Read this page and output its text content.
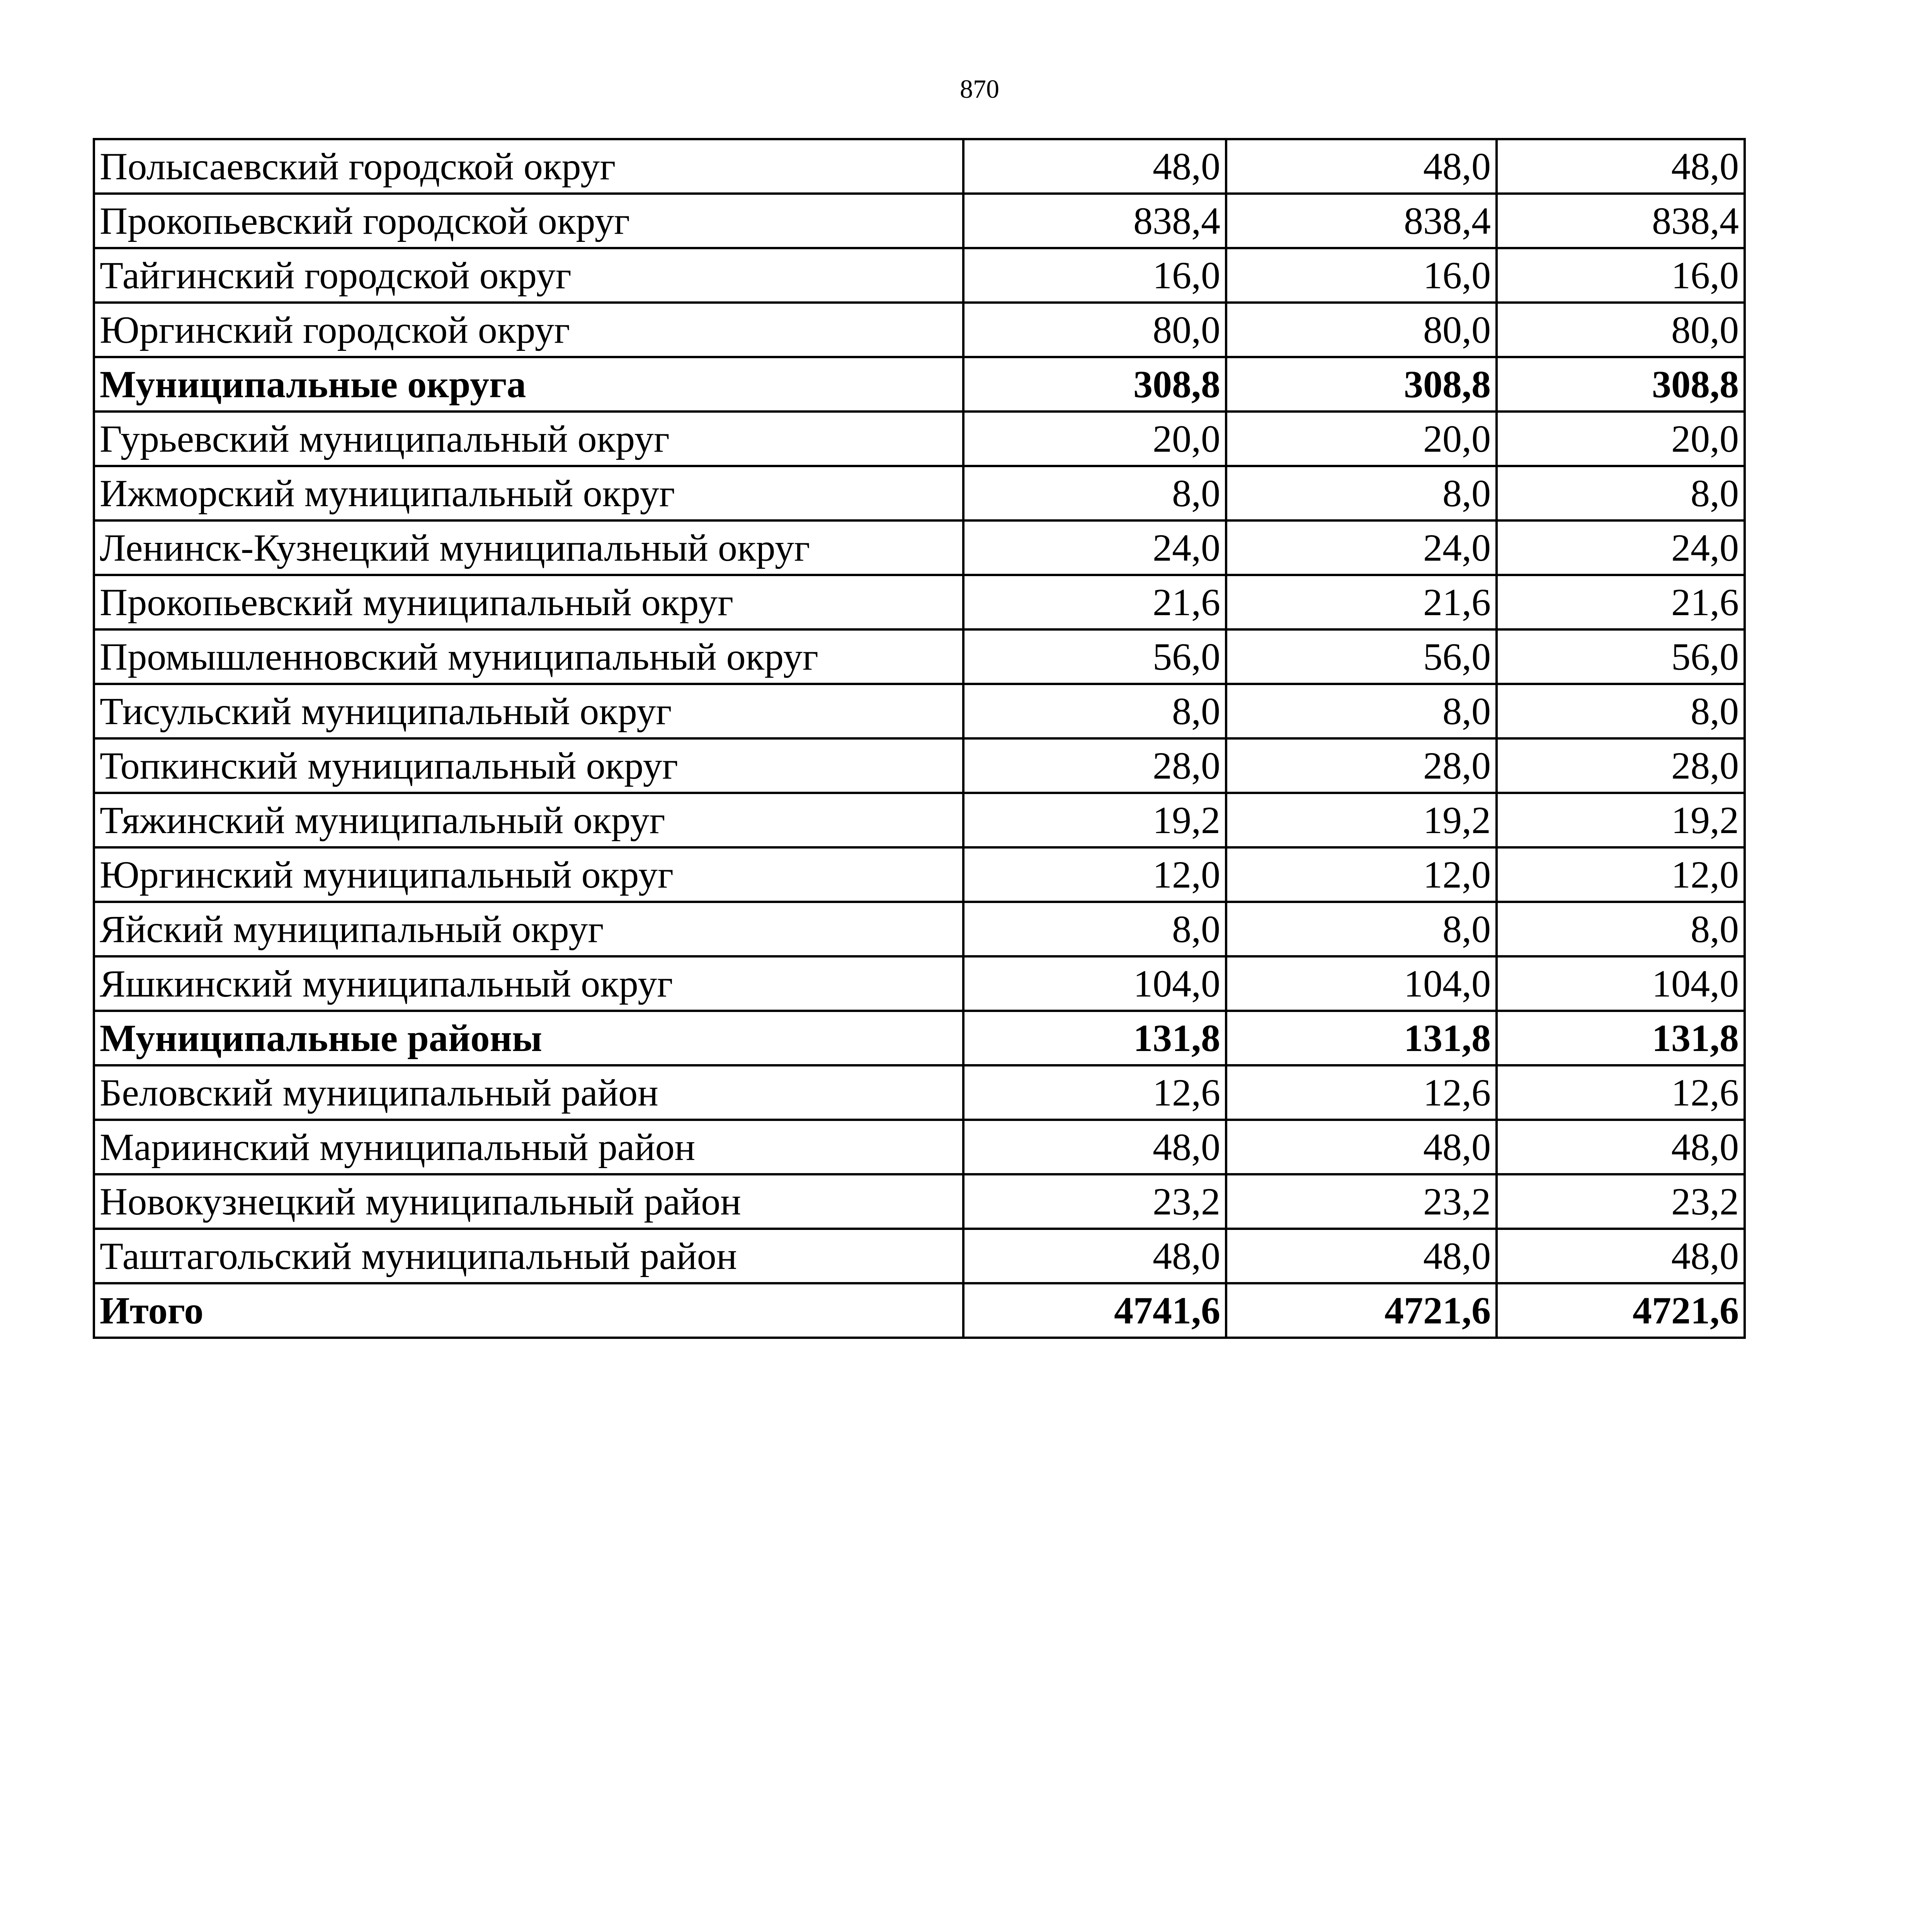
870
Полысаевский городской округ	48,0	48,0	48,0
Прокопьевский городской округ	838,4	838,4	838,4
Тайгинский городской округ	16,0	16,0	16,0
Юргинский городской округ	80,0	80,0	80,0
Муниципальные округа	308,8	308,8	308,8
Гурьевский муниципальный округ	20,0	20,0	20,0
Ижморский муниципальный округ	8,0	8,0	8,0
Ленинск-Кузнецкий муниципальный округ	24,0	24,0	24,0
Прокопьевский муниципальный округ	21,6	21,6	21,6
Промышленновский муниципальный округ	56,0	56,0	56,0
Тисульский муниципальный округ	8,0	8,0	8,0
Топкинский муниципальный округ	28,0	28,0	28,0
Тяжинский муниципальный округ	19,2	19,2	19,2
Юргинский муниципальный округ	12,0	12,0	12,0
Яйский муниципальный округ	8,0	8,0	8,0
Яшкинский муниципальный округ	104,0	104,0	104,0
Муниципальные районы	131,8	131,8	131,8
Беловский муниципальный район	12,6	12,6	12,6
Мариинский муниципальный район	48,0	48,0	48,0
Новокузнецкий муниципальный район	23,2	23,2	23,2
Таштагольский муниципальный район	48,0	48,0	48,0
Итого	4741,6	4721,6	4721,6
